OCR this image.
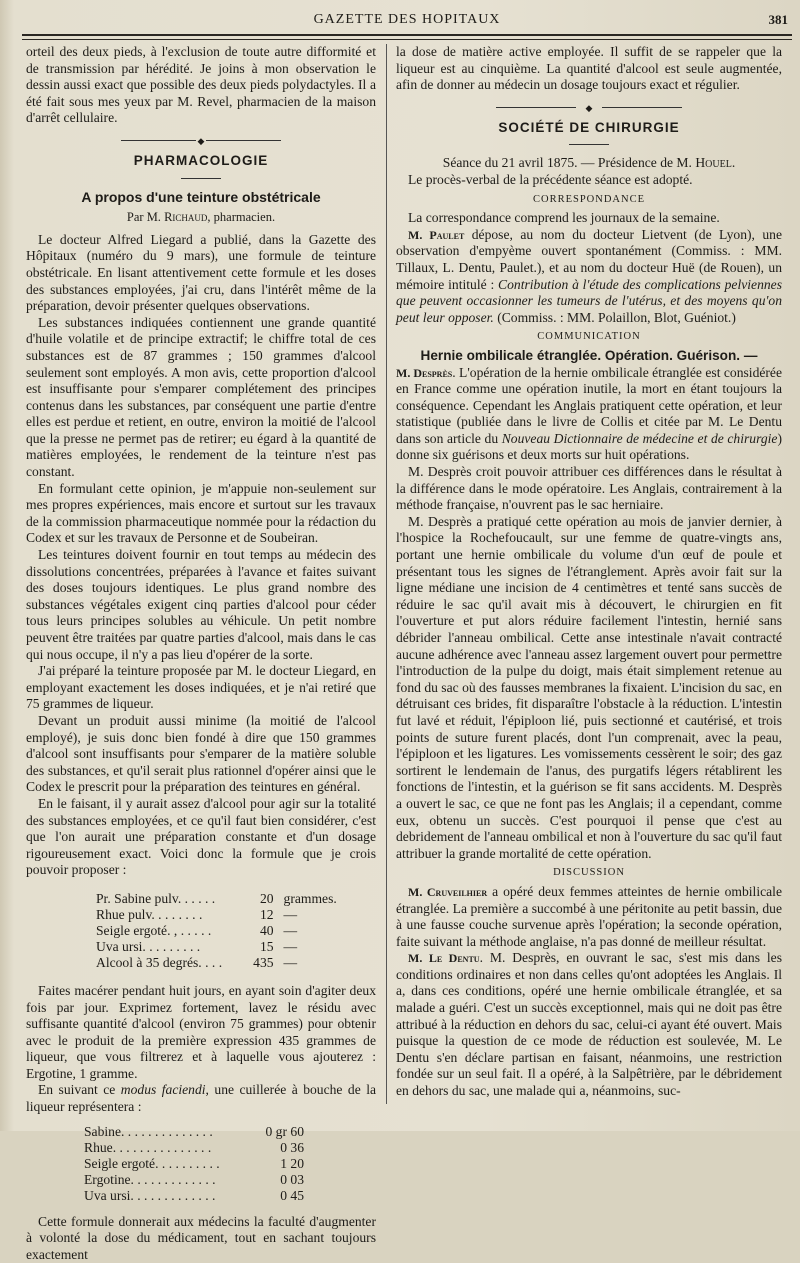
GAZETTE DES HOPITAUX	381

orteil des deux pieds, à l'exclusion de toute autre difformité et de transmission par hérédité. Je joins à mon observation le dessin aussi exact que possible des deux pieds polydactyles. Il a été fait sous mes yeux par M. Revel, pharmacien de la maison d'arrêt cellulaire.

◆
PHARMACOLOGIE
A propos d'une teinture obstétricale
Par M. Richaud, pharmacien.

Le docteur Alfred Liegard a publié, dans la Gazette des Hôpitaux (numéro du 9 mars), une formule de teinture obstétricale. En lisant attentivement cette formule et les doses des substances employées, j'ai cru, dans l'intérêt même de la préparation, devoir présenter quelques observations.

Les substances indiquées contiennent une grande quantité d'huile volatile et de principe extractif; le chiffre total de ces substances est de 87 grammes ; 150 grammes d'alcool seulement sont employés. A mon avis, cette proportion d'alcool est insuffisante pour s'emparer complétement des principes contenus dans les substances, par conséquent une partie d'entre elles est perdue et retient, en outre, environ la moitié de l'alcool que la presse ne permet pas de retirer; eu égard à la quantité de matières employées, le rendement de la teinture n'est pas constant.

En formulant cette opinion, je m'appuie non-seulement sur mes propres expériences, mais encore et surtout sur les travaux de la commission pharmaceutique nommée pour la rédaction du Codex et sur les travaux de Personne et de Soubeiran.

Les teintures doivent fournir en tout temps au médecin des dissolutions concentrées, préparées à l'avance et faites suivant des doses toujours identiques. Le plus grand nombre des substances végétales exigent cinq parties d'alcool pour céder tous leurs principes solubles au véhicule. Un petit nombre peuvent être traitées par quatre parties d'alcool, mais dans le cas qui nous occupe, il n'y a pas lieu d'opérer de la sorte.

J'ai préparé la teinture proposée par M. le docteur Liegard, en employant exactement les doses indiquées, et je n'ai retiré que 75 grammes de liqueur.

Devant un produit aussi minime (la moitié de l'alcool employé), je suis donc bien fondé à dire que 150 grammes d'alcool sont insuffisants pour s'emparer de la matière soluble des substances, et qu'il serait plus rationnel d'opérer ainsi que le Codex le prescrit pour la préparation des teintures en général.

En le faisant, il y aurait assez d'alcool pour agir sur la totalité des substances employées, et ce qu'il faut bien considérer, c'est que l'on aurait une préparation constante et d'un dosage rigoureusement exact. Voici donc la formule que je crois pouvoir proposer :

Pr. Sabine pulv. . . . . .	20 grammes.
Rhue pulv. . . . . . . .	12 —
Seigle ergoté. , . . . . .	40 —
Uva ursi. . . . . . . . .	15 —
Alcool à 35 degrés. . . .	435 —

Faites macérer pendant huit jours, en ayant soin d'agiter deux fois par jour. Exprimez fortement, lavez le résidu avec suffisante quantité d'alcool (environ 75 grammes) pour obtenir avec le produit de la première expression 435 grammes de liqueur, que vous filtrerez et à laquelle vous ajouterez : Ergotine, 1 gramme.

En suivant ce modus faciendi, une cuillerée à bouche de la liqueur représentera :

Sabine. . . . . . . . . . . . . .	0 gr 60
Rhue. . . . . . . . . . . . . . .	0 36
Seigle ergoté. . . . . . . . . .	1 20
Ergotine. . . . . . . . . . . . .	0 03
Uva ursi. . . . . . . . . . . . .	0 45

Cette formule donnerait aux médecins la faculté d'augmenter à volonté la dose du médicament, tout en sachant toujours exactement

la dose de matière active employée. Il suffit de se rappeler que la liqueur est au cinquième. La quantité d'alcool est seule augmentée, afin de donner au médecin un dosage toujours exact et régulier.

◆
SOCIÉTÉ DE CHIRURGIE

Séance du 21 avril 1875. — Présidence de M. Houel.

Le procès-verbal de la précédente séance est adopté.

CORRESPONDANCE

La correspondance comprend les journaux de la semaine.

M. Paulet dépose, au nom du docteur Lietvent (de Lyon), une observation d'empyème ouvert spontanément (Commiss. : MM. Tillaux, L. Dentu, Paulet.), et au nom du docteur Huë (de Rouen), un mémoire intitulé : Contribution à l'étude des complications pelviennes que peuvent occasionner les tumeurs de l'utérus, et des moyens qu'on peut leur opposer. (Commiss. : MM. Polaillon, Blot, Guéniot.)

COMMUNICATION

Hernie ombilicale étranglée. Opération. Guérison. —

M. Desprès. L'opération de la hernie ombilicale étranglée est considérée en France comme une opération inutile, la mort en étant toujours la conséquence. Cependant les Anglais pratiquent cette opération, et leur statistique (publiée dans le livre de Collis et citée par M. Le Dentu dans son article du Nouveau Dictionnaire de médecine et de chirurgie) donne six guérisons et deux morts sur huit opérations.

M. Desprès croit pouvoir attribuer ces différences dans le résultat à la différence dans le mode opératoire. Les Anglais, contrairement à la méthode française, n'ouvrent pas le sac herniaire.

M. Desprès a pratiqué cette opération au mois de janvier dernier, à l'hospice la Rochefoucault, sur une femme de quatre-vingts ans, portant une hernie ombilicale du volume d'un œuf de poule et présentant tous les signes de l'étranglement. Après avoir fait sur la ligne médiane une incision de 4 centimètres et tenté sans succès de réduire le sac qu'il avait mis à découvert, le chirurgien en fit l'ouverture et put alors réduire facilement l'intestin, hernié sans débrider l'anneau ombilical. Cette anse intestinale n'avait contracté aucune adhérence avec l'anneau assez largement ouvert pour permettre l'introduction de la pulpe du doigt, mais était simplement retenue au fond du sac où des fausses membranes la fixaient. L'incision du sac, en détruisant ces brides, fit disparaître l'obstacle à la réduction. L'intestin fut lavé et réduit, l'épiploon lié, puis sectionné et cautérisé, et trois points de suture furent placés, dont l'un comprenait, avec la peau, l'épiploon et les ligatures. Les vomissements cessèrent le soir; des gaz sortirent le lendemain de l'anus, des purgatifs légers rétablirent les fonctions de l'intestin, et la guérison se fit sans accidents. M. Desprès a ouvert le sac, ce que ne font pas les Anglais; il a cependant, comme eux, obtenu un succès. C'est pourquoi il pense que c'est au debridement de l'anneau ombilical et non à l'ouverture du sac qu'il faut attribuer la grande mortalité de cette opération.

DISCUSSION

M. Cruveilhier a opéré deux femmes atteintes de hernie ombilicale étranglée. La première a succombé à une péritonite au petit bassin, due à une fausse couche survenue après l'opération; la seconde opération, faite suivant la méthode anglaise, n'a pas donné de meilleur résultat.

M. Le Dentu. M. Desprès, en ouvrant le sac, s'est mis dans les conditions ordinaires et non dans celles qu'ont adoptées les Anglais. Il a, dans ces conditions, opéré une hernie ombilicale étranglée, et sa malade a guéri. C'est un succès exceptionnel, mais qui ne doit pas être attribué à la réduction en dehors du sac, celui-ci ayant été ouvert. Mais puisque la question de ce mode de réduction est soulevée, M. Le Dentu s'en déclare partisan en faisant, néanmoins, une restriction fondée sur un seul fait. Il a opéré, à la Salpêtrière, par le débridement en dehors du sac, une malade qui a, néanmoins, suc-
